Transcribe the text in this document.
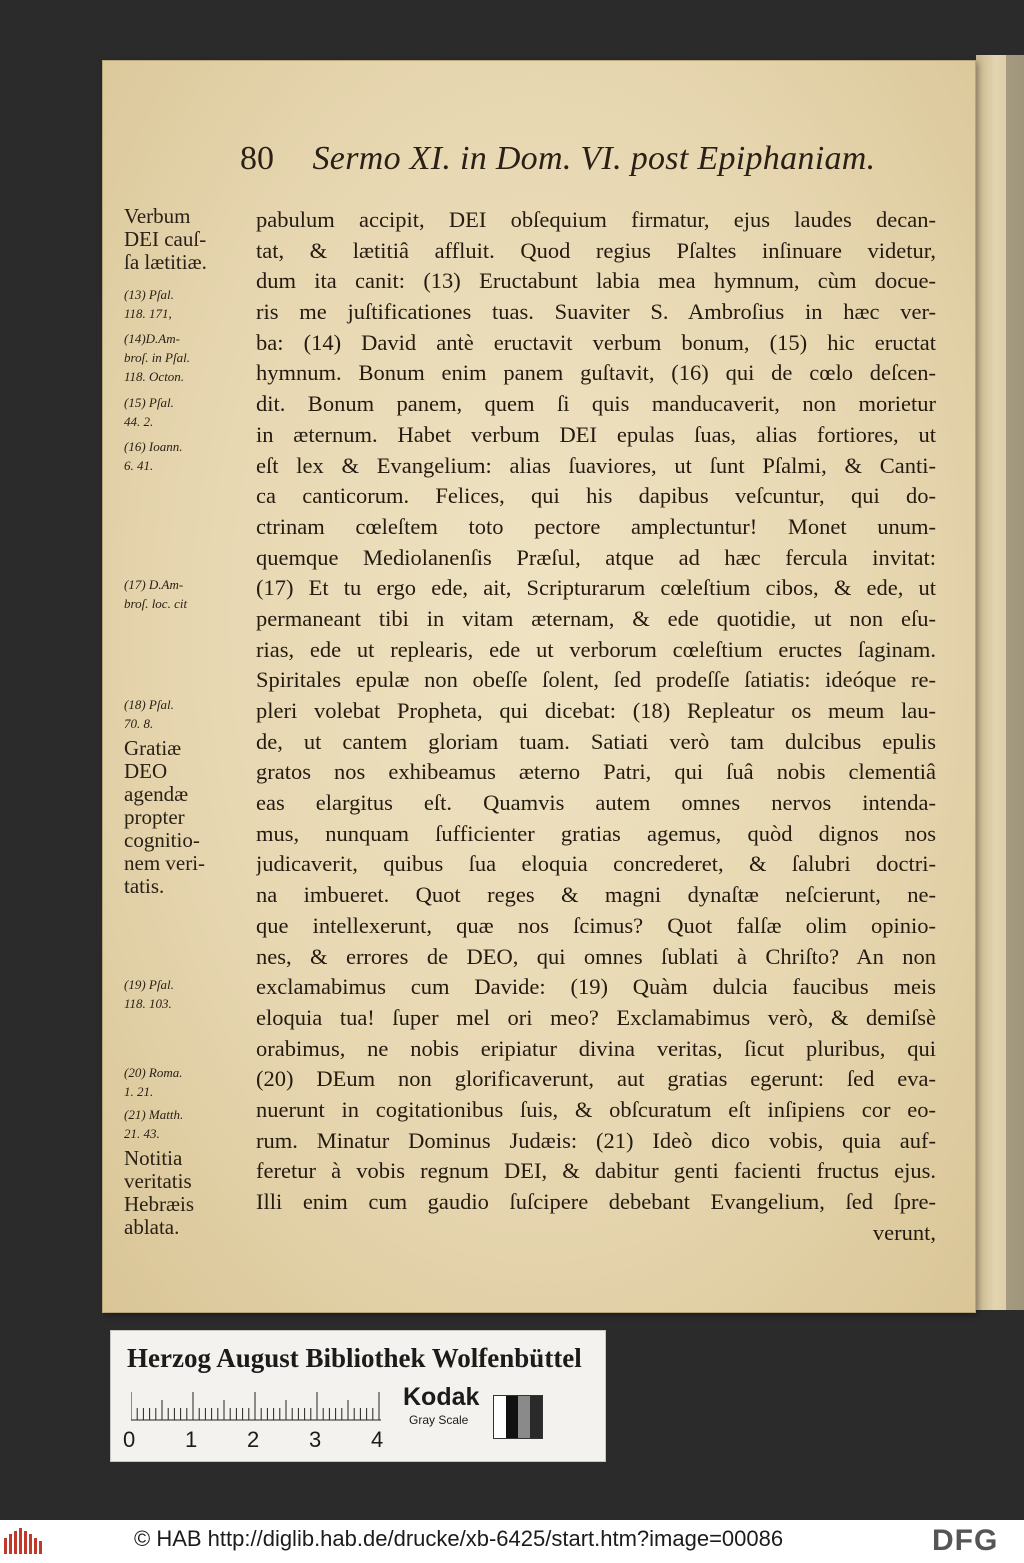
80 Sermo XI. in Dom. VI. post Epiphaniam.
Verbum
DEI cauſ-
ſa lætitiæ.
(13) Pſal.
118. 171,
(14)D.Am-
broſ. in Pſal.
118. Octon.
(15) Pſal.
44. 2.
(16) Ioann.
6. 41.
(17) D.Am-
broſ. loc. cit
(18) Pſal.
70. 8.
Gratiæ
DEO
agendæ
propter
cognitio-
nem veri-
tatis.
(19) Pſal.
118. 103.
(20) Roma.
1. 21.
(21) Matth.
21. 43.
Notitia
veritatis
Hebræis
ablata.
pabulum accipit, DEI obſequium firmatur, ejus laudes decan-
tat, & lætitiâ affluit. Quod regius Pſaltes inſinuare videtur,
dum ita canit: (13) Eructabunt labia mea hymnum, cùm docue-
ris me juſtificationes tuas. Suaviter S. Ambroſius in hæc ver-
ba: (14) David antè eructavit verbum bonum, (15) hic eructat
hymnum. Bonum enim panem guſtavit, (16) qui de cœlo deſcen-
dit. Bonum panem, quem ſi quis manducaverit, non morietur
in æternum. Habet verbum DEI epulas ſuas, alias fortiores, ut
eſt lex & Evangelium: alias ſuaviores, ut ſunt Pſalmi, & Canti-
ca canticorum. Felices, qui his dapibus veſcuntur, qui do-
ctrinam cœleſtem toto pectore amplectuntur! Monet unum-
quemque Mediolanenſis Præſul, atque ad hæc fercula invitat:
(17) Et tu ergo ede, ait, Scripturarum cœleſtium cibos, & ede, ut
permaneant tibi in vitam æternam, & ede quotidie, ut non eſu-
rias, ede ut replearis, ede ut verborum cœleſtium eructes ſaginam.
Spiritales epulæ non obeſſe ſolent, ſed prodeſſe ſatiatis: ideóque re-
pleri volebat Propheta, qui dicebat: (18) Repleatur os meum lau-
de, ut cantem gloriam tuam. Satiati verò tam dulcibus epulis
gratos nos exhibeamus æterno Patri, qui ſuâ nobis clementiâ
eas elargitus eſt. Quamvis autem omnes nervos intenda-
mus, nunquam ſufficienter gratias agemus, quòd dignos nos
judicaverit, quibus ſua eloquia concrederet, & ſalubri doctri-
na imbueret. Quot reges & magni dynaſtæ neſcierunt, ne-
que intellexerunt, quæ nos ſcimus? Quot falſæ olim opinio-
nes, & errores de DEO, qui omnes ſublati à Chriſto? An non
exclamabimus cum Davide: (19) Quàm dulcia faucibus meis
eloquia tua! ſuper mel ori meo? Exclamabimus verò, & demiſsè
orabimus, ne nobis eripiatur divina veritas, ſicut pluribus, qui
(20) DEum non glorificaverunt, aut gratias egerunt: ſed eva-
nuerunt in cogitationibus ſuis, & obſcuratum eſt inſipiens cor eo-
rum. Minatur Dominus Judæis: (21) Ideò dico vobis, quia auf-
feretur à vobis regnum DEI, & dabitur genti facienti fructus ejus.
Illi enim cum gaudio ſuſcipere debebant Evangelium, ſed ſpre-
verunt,
Herzog August Bibliothek Wolfenbüttel
0 1 2 3 4
Kodak
Gray Scale
© HAB http://diglib.hab.de/drucke/xb-6425/start.htm?image=00086	DFG
